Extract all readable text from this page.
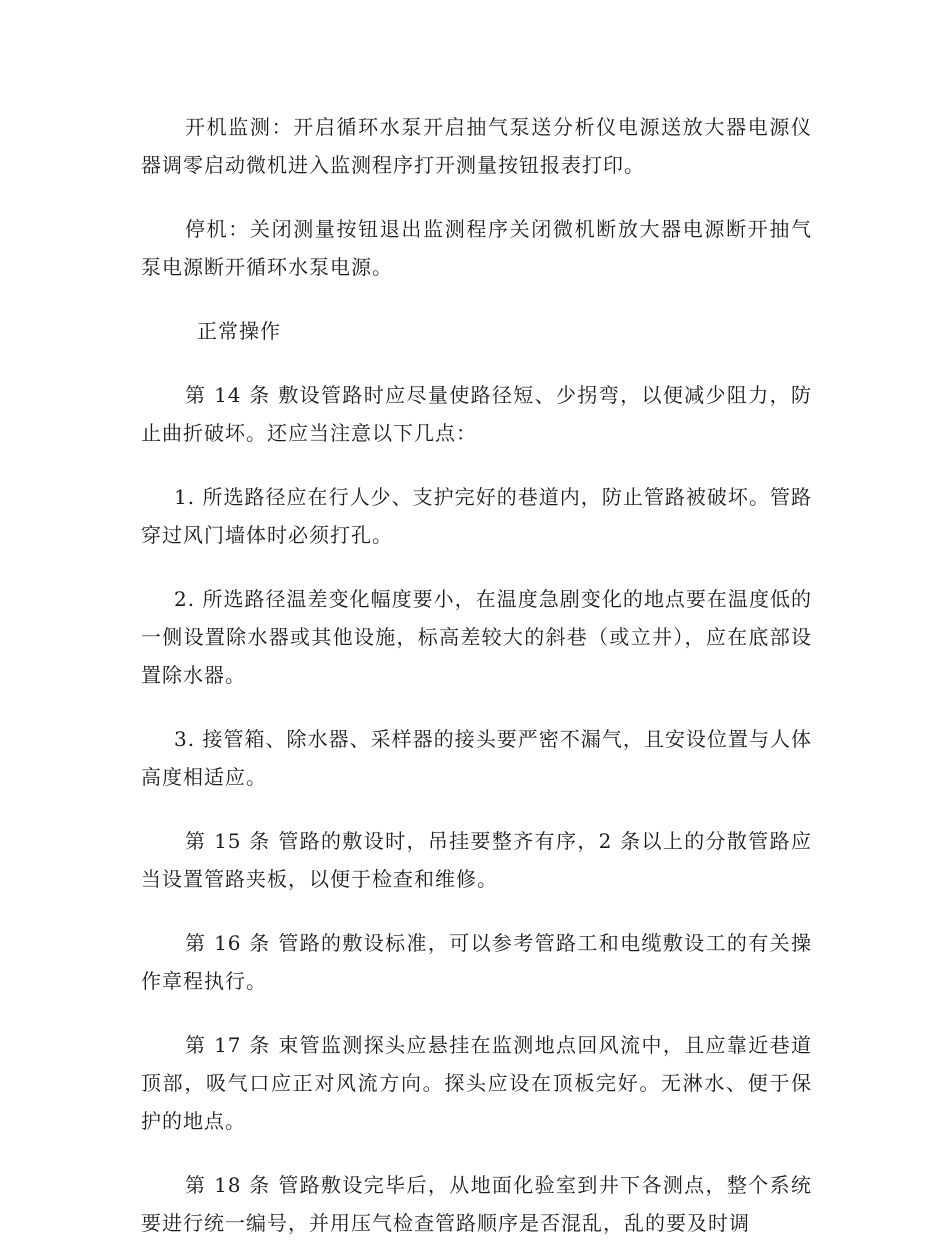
开机监测：开启循环水泵开启抽气泵送分析仪电源送放大器电源仪器调零启动微机进入监测程序打开测量按钮报表打印。

停机：关闭测量按钮退出监测程序关闭微机断放大器电源断开抽气泵电源断开循环水泵电源。

正常操作

第 14 条 敷设管路时应尽量使路径短、少拐弯，以便减少阻力，防止曲折破坏。还应当注意以下几点：

1. 所选路径应在行人少、支护完好的巷道内，防止管路被破坏。管路穿过风门墙体时必须打孔。

2. 所选路径温差变化幅度要小，在温度急剧变化的地点要在温度低的一侧设置除水器或其他设施，标高差较大的斜巷（或立井），应在底部设置除水器。

3. 接管箱、除水器、采样器的接头要严密不漏气，且安设位置与人体高度相适应。

第 15 条 管路的敷设时，吊挂要整齐有序，2 条以上的分散管路应当设置管路夹板，以便于检查和维修。

第 16 条 管路的敷设标准，可以参考管路工和电缆敷设工的有关操作章程执行。

第 17 条 束管监测探头应悬挂在监测地点回风流中，且应靠近巷道顶部，吸气口应正对风流方向。探头应设在顶板完好。无淋水、便于保护的地点。

第 18 条 管路敷设完毕后，从地面化验室到井下各测点，整个系统要进行统一编号，并用压气检查管路顺序是否混乱，乱的要及时调
